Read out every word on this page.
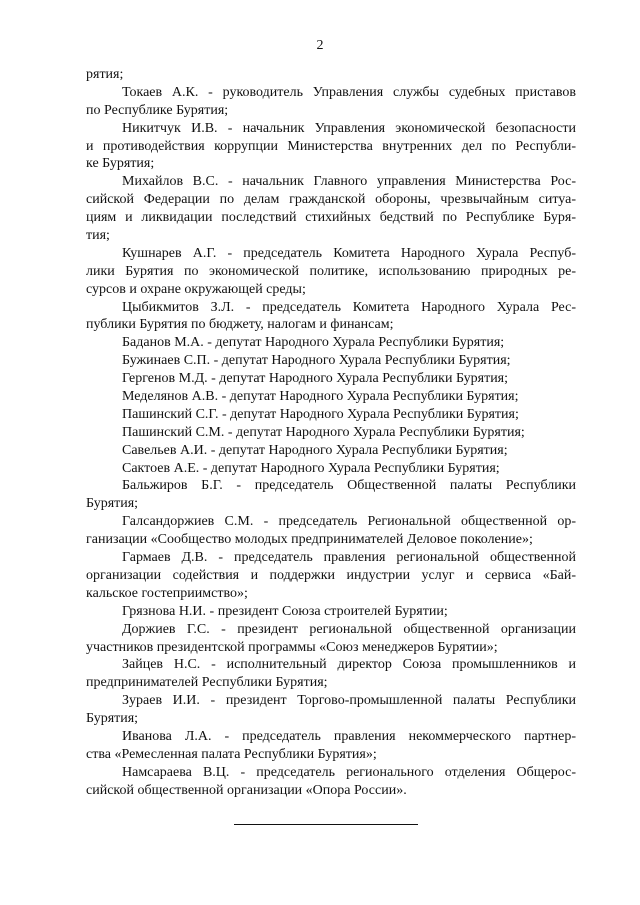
2
рятия;
Токаев А.К. - руководитель Управления службы судебных приставов
по Республике Бурятия;
Никитчук И.В. - начальник Управления экономической безопасности
и противодействия коррупции Министерства внутренних дел по Республи-
ке Бурятия;
Михайлов В.С. - начальник Главного управления Министерства Рос-
сийской Федерации по делам гражданской обороны, чрезвычайным ситуа-
циям и ликвидации последствий стихийных бедствий по Республике Буря-
тия;
Кушнарев А.Г. - председатель Комитета Народного Хурала Респуб-
лики Бурятия по экономической политике, использованию природных ре-
сурсов и охране окружающей среды;
Цыбикмитов З.Л. - председатель Комитета Народного Хурала Рес-
публики Бурятия по бюджету, налогам и финансам;
Баданов М.А. - депутат Народного Хурала Республики Бурятия;
Бужинаев С.П. - депутат Народного Хурала Республики Бурятия;
Гергенов М.Д. - депутат Народного Хурала Республики Бурятия;
Меделянов А.В. - депутат Народного Хурала Республики Бурятия;
Пашинский С.Г. - депутат Народного Хурала Республики Бурятия;
Пашинский С.М. - депутат Народного Хурала Республики Бурятия;
Савельев А.И. - депутат Народного Хурала Республики Бурятия;
Сактоев А.Е. - депутат Народного Хурала Республики Бурятия;
Бальжиров Б.Г. - председатель Общественной палаты Республики
Бурятия;
Галсандоржиев С.М. - председатель Региональной общественной ор-
ганизации «Сообщество молодых предпринимателей Деловое поколение»;
Гармаев Д.В. - председатель правления региональной общественной
организации содействия и поддержки индустрии услуг и сервиса «Бай-
кальское гостеприимство»;
Грязнова Н.И. - президент Союза строителей Бурятии;
Доржиев Г.С. - президент региональной общественной организации
участников президентской программы «Союз менеджеров Бурятии»;
Зайцев Н.С. - исполнительный директор Союза промышленников и
предпринимателей Республики Бурятия;
Зураев И.И. - президент Торгово-промышленной палаты Республики
Бурятия;
Иванова Л.А. - председатель правления некоммерческого партнер-
ства «Ремесленная палата Республики Бурятия»;
Намсараева В.Ц. - председатель регионального отделения Общерос-
сийской общественной организации «Опора России».
